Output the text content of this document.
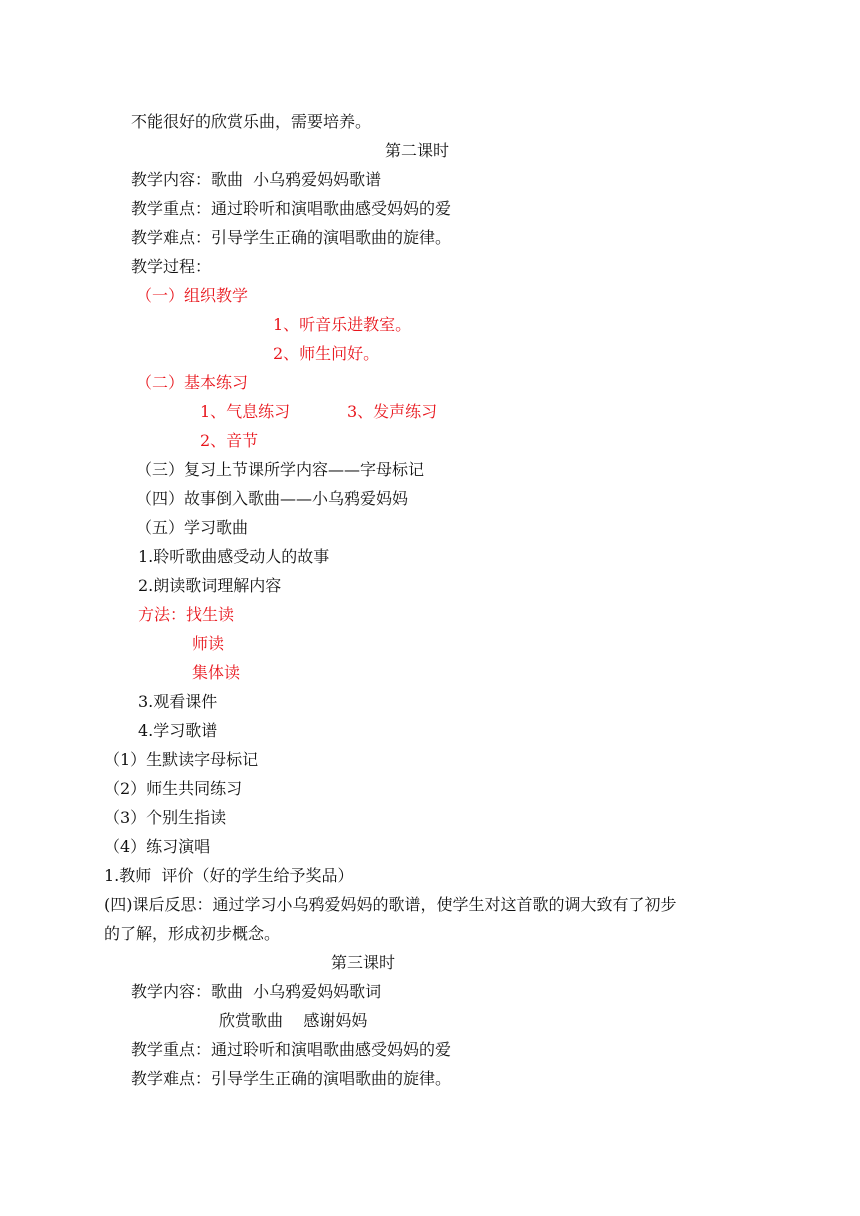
不能很好的欣赏乐曲，需要培养。
第二课时
教学内容：歌曲  小乌鸦爱妈妈歌谱
教学重点：通过聆听和演唱歌曲感受妈妈的爱
教学难点：引导学生正确的演唱歌曲的旋律。
教学过程：
（一）组织教学
1、听音乐进教室。
2、师生问好。
（二）基本练习
1、气息练习	3、发声练习
2、音节
（三）复习上节课所学内容——字母标记
（四）故事倒入歌曲——小乌鸦爱妈妈
（五）学习歌曲
1.聆听歌曲感受动人的故事
2.朗读歌词理解内容
方法：找生读
师读
集体读
3.观看课件
4.学习歌谱
（1）生默读字母标记
（2）师生共同练习
（3）个别生指读
（4）练习演唱
1.教师  评价（好的学生给予奖品）
(四)课后反思：通过学习小乌鸦爱妈妈的歌谱，使学生对这首歌的调大致有了初步
的了解，形成初步概念。
第三课时
教学内容：歌曲  小乌鸦爱妈妈歌词
欣赏歌曲    感谢妈妈
教学重点：通过聆听和演唱歌曲感受妈妈的爱
教学难点：引导学生正确的演唱歌曲的旋律。
